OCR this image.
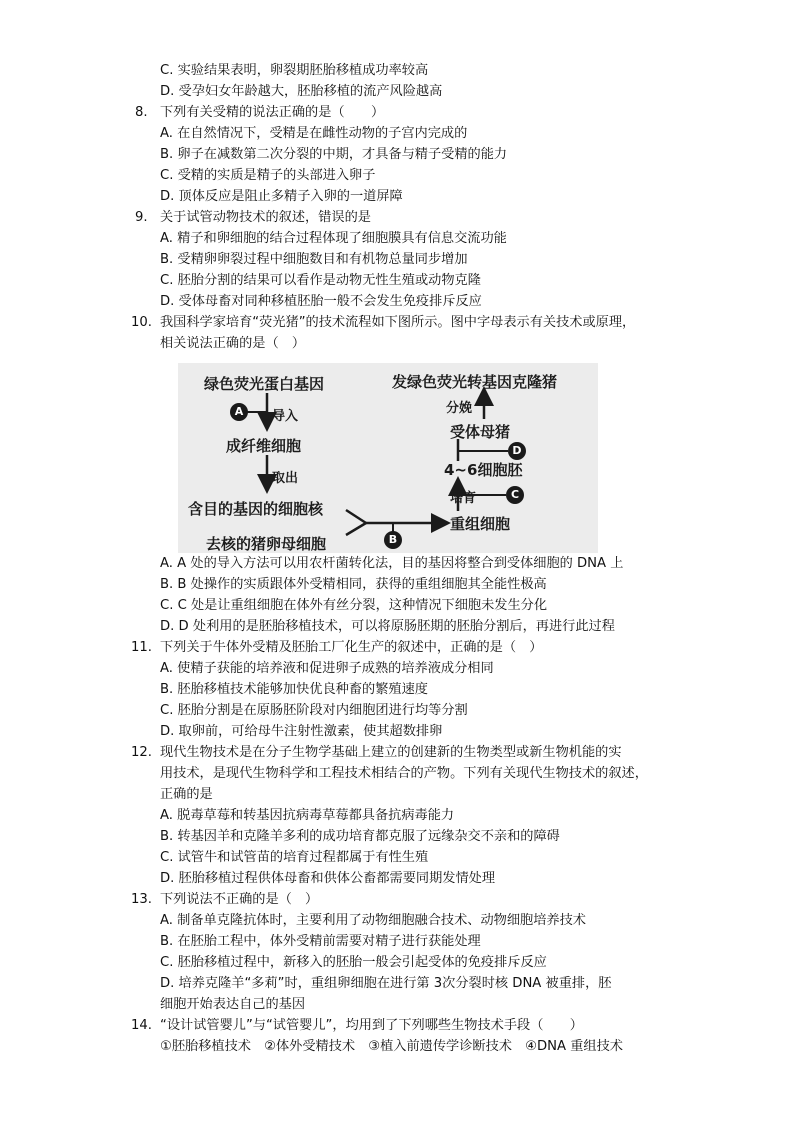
C. 实验结果表明，卵裂期胚胎移植成功率较高
D. 受孕妇女年龄越大，胚胎移植的流产风险越高
8. 下列有关受精的说法正确的是（　　）
A. 在自然情况下，受精是在雌性动物的子宫内完成的
B. 卵子在减数第二次分裂的中期，才具备与精子受精的能力
C. 受精的实质是精子的头部进入卵子
D. 顶体反应是阻止多精子入卵的一道屏障
9. 关于试管动物技术的叙述，错误的是
A. 精子和卵细胞的结合过程体现了细胞膜具有信息交流功能
B. 受精卵卵裂过程中细胞数目和有机物总量同步增加
C. 胚胎分割的结果可以看作是动物无性生殖或动物克隆
D. 受体母畜对同种移植胚胎一般不会发生免疫排斥反应
10. 我国科学家培育“荧光猪”的技术流程如下图所示。图中字母表示有关技术或原理，
相关说法正确的是（　）
绿色荧光蛋白基因
A	导入
成纤维细胞
取出
含目的基因的细胞核
去核的猪卵母细胞	B
重组细胞
培育	C
4~6细胞胚
D
受体母猪
分娩
发绿色荧光转基因克隆猪
A. A 处的导入方法可以用农杆菌转化法，目的基因将整合到受体细胞的 DNA 上
B. B 处操作的实质跟体外受精相同，获得的重组细胞其全能性极高
C. C 处是让重组细胞在体外有丝分裂，这种情况下细胞未发生分化
D. D 处利用的是胚胎移植技术，可以将原肠胚期的胚胎分割后，再进行此过程
11. 下列关于牛体外受精及胚胎工厂化生产的叙述中，正确的是（　）
A. 使精子获能的培养液和促进卵子成熟的培养液成分相同
B. 胚胎移植技术能够加快优良种畜的繁殖速度
C. 胚胎分割是在原肠胚阶段对内细胞团进行均等分割
D. 取卵前，可给母牛注射性激素，使其超数排卵
12. 现代生物技术是在分子生物学基础上建立的创建新的生物类型或新生物机能的实
用技术，是现代生物科学和工程技术相结合的产物。下列有关现代生物技术的叙述，
正确的是
A. 脱毒草莓和转基因抗病毒草莓都具备抗病毒能力
B. 转基因羊和克隆羊多利的成功培育都克服了远缘杂交不亲和的障碍
C. 试管牛和试管苗的培育过程都属于有性生殖
D. 胚胎移植过程供体母畜和供体公畜都需要同期发情处理
13. 下列说法不正确的是（　）
A. 制备单克隆抗体时，主要利用了动物细胞融合技术、动物细胞培养技术
B. 在胚胎工程中，体外受精前需要对精子进行获能处理
C. 胚胎移植过程中，新移入的胚胎一般会引起受体的免疫排斥反应
D. 培养克隆羊“多莉”时，重组卵细胞在进行第 3次分裂时核 DNA 被重排，胚
细胞开始表达自己的基因
14. “设计试管婴儿”与“试管婴儿”，均用到了下列哪些生物技术手段（　　）
①胚胎移植技术　②体外受精技术　③植入前遗传学诊断技术　④DNA 重组技术
